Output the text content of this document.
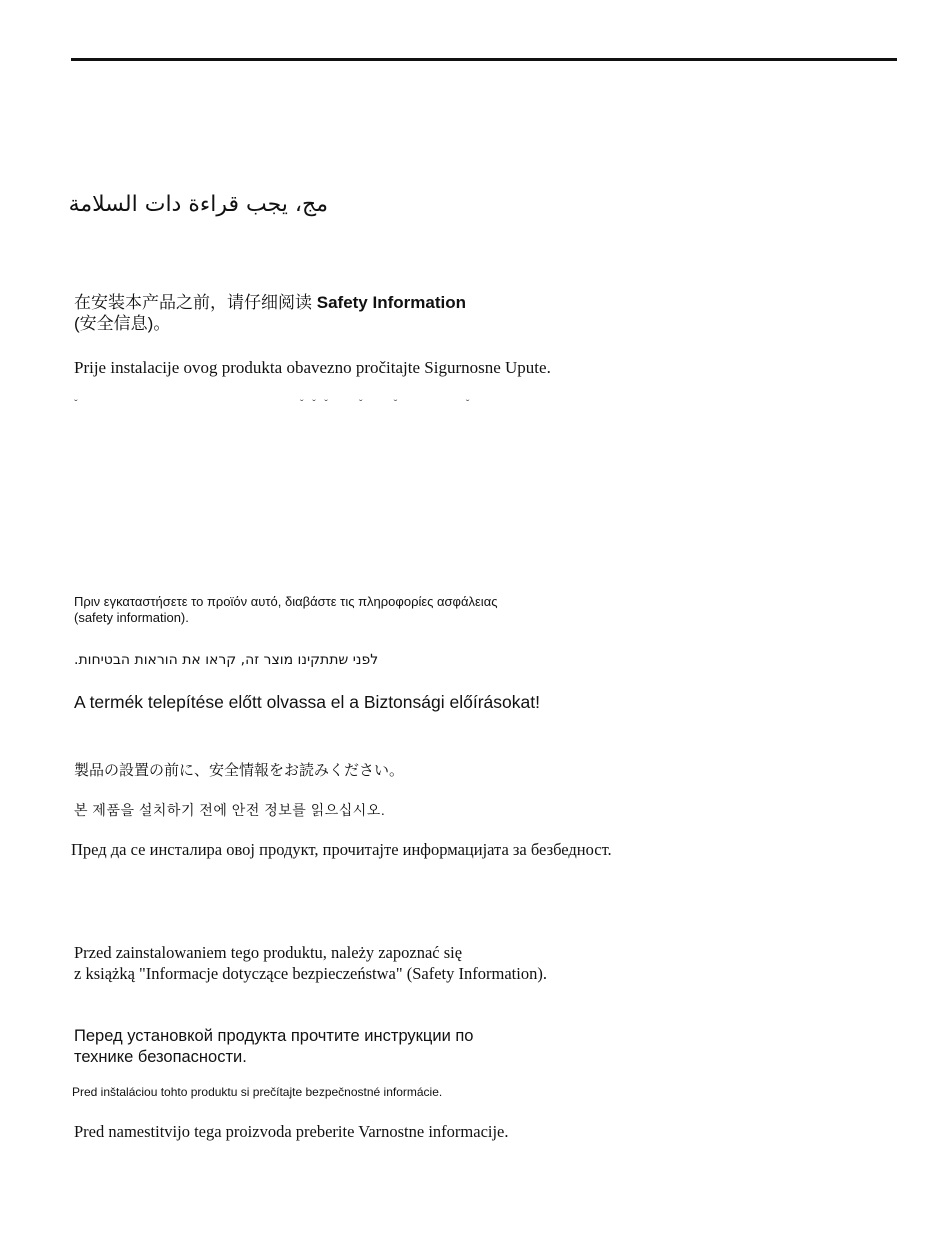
مج، يجب قراءة دات السلامة

在安装本产品之前，请仔细阅读 Safety Information
(安全信息)。

Prije instalacije ovog produkta obavezno pročitajte Sigurnosne Upute.

ˇ                                                           ˇ  ˇ  ˇ        ˇ        ˇ                  ˇ

Πριν εγκαταστήσετε το προϊόν αυτό, διαβάστε τις πληροφορίες ασφάλειας
(safety information).

לפני שתתקינו מוצר זה, קראו את הוראות הבטיחות.

A termék telepítése előtt olvassa el a Biztonsági előírásokat!

製品の設置の前に、安全情報をお読みください。

본 제품을 설치하기 전에 안전 정보를 읽으십시오.

Пред да се инсталира овој продукт, прочитајте информацијата за безбедност.

Przed zainstalowaniem tego produktu, należy zapoznać się
z książką "Informacje dotyczące bezpieczeństwa" (Safety Information).
Перед установкой продукта прочтите инструкции по
технике безопасности.

Pred inštaláciou tohto produktu si prečítajte bezpečnostné informácie.

Pred namestitvijo tega proizvoda preberite Varnostne informacije.
